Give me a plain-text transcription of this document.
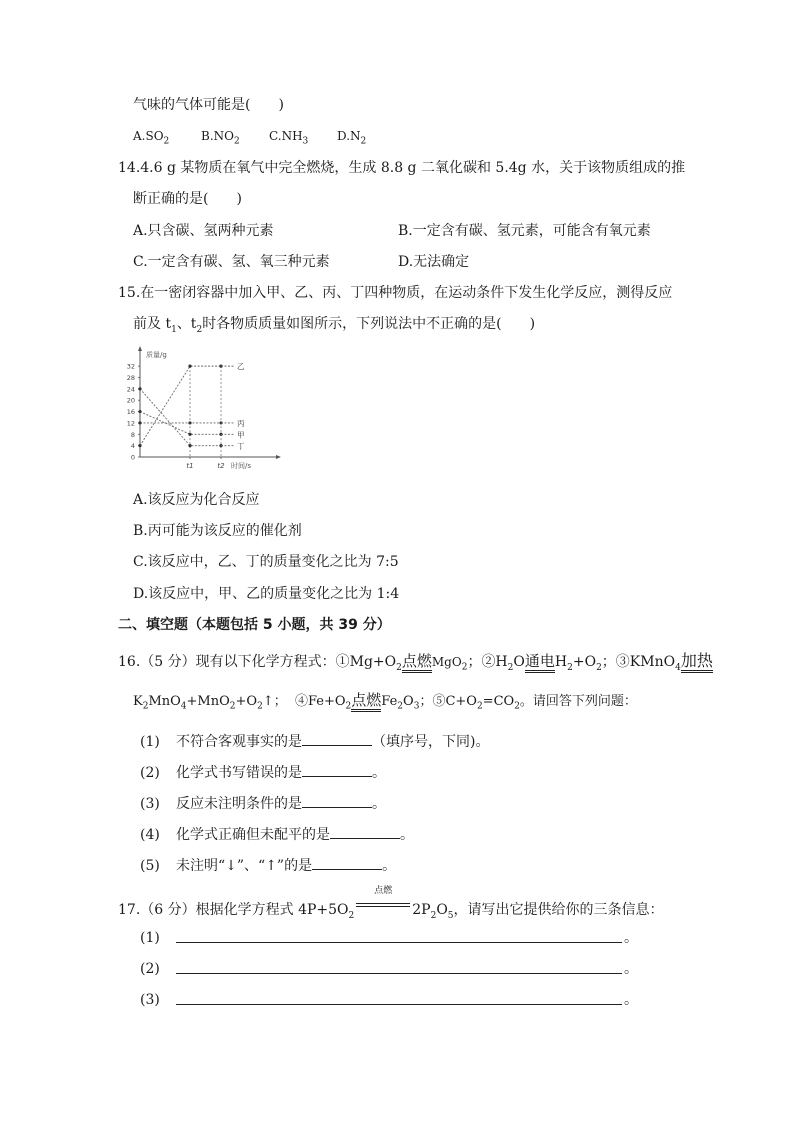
气味的气体可能是(　　)
$A.SO_2$	$B.NO_2$ $C.NH_3$ $D.N_2$
14.4.6 g 某物质在氧气中完全燃烧，生成 8.8 g 二氧化碳和 5.4g 水，关于该物质组成的推
断正确的是(　　)
A.只含碳、氢两种元素	B.一定含有碳、氢元素，可能含有氧元素
C.一定含有碳、氢、氧三种元素	D.无法确定
15.在一密闭容器中加入甲、乙、丙、丁四种物质，在运动条件下发生化学反应，测得反应
前及 $t_1$、$t_2$时各物质质量如图所示，下列说法中不正确的是(　　)
质量/g
时间/s
0
4
8
12
16
20
24
28
32
t1	t2
乙
丙
甲
丁
A.该反应为化合反应
B.丙可能为该反应的催化剂
C.该反应中，乙、丁的质量变化之比为 7:5
D.该反应中，甲、乙的质量变化之比为 1:4
二、填空题（本题包括 5 小题，共 39 分）
16.（5 分）现有以下化学方程式：$①Mg+O_2$点燃MgO$_2$；$②H_2O$通电$H_2+O_2$；③KMnO$_4$加热
$K_2MnO_4+MnO_2+O_2↑$； $④Fe+O_2$点燃$Fe_2O_3$；$⑤C+O_2=CO_2$。请回答下列问题：
(1) 不符合客观事实的是	（填序号，下同)。
(2) 化学式书写错误的是	。
(3) 反应未注明条件的是	。
(4) 化学式正确但未配平的是	。
(5) 未注明“↓”、“↑”的是	。
17.（6 分）根据化学方程式 $4P+5O_2$
点燃
$2P_2O_5$，请写出它提供给你的三条信息：
(1)	。
(2)	。
(3)	。
